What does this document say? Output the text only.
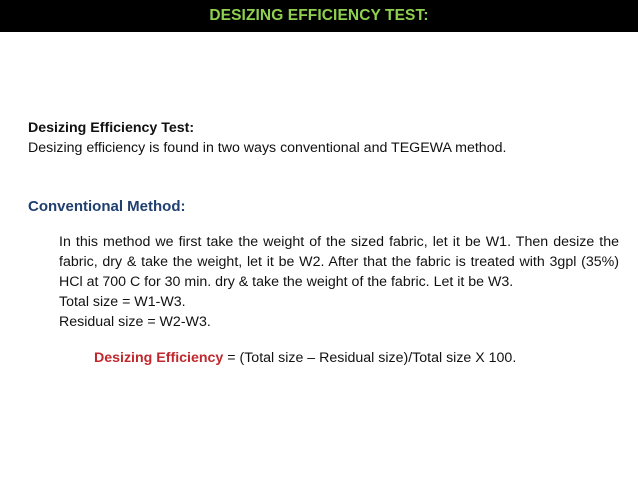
DESIZING EFFICIENCY TEST:
Desizing Efficiency Test:
Desizing efficiency is found in two ways conventional and TEGEWA method.
Conventional Method:
In this method we first take the weight of the sized fabric, let it be W1. Then desize the fabric, dry & take the weight, let it be W2. After that the fabric is treated with 3gpl (35%) HCl at 700 C for 30 min. dry & take the weight of the fabric. Let it be W3.
Total size = W1-W3.
Residual size = W2-W3.
Desizing Efficiency = (Total size – Residual size)/Total size X 100.
